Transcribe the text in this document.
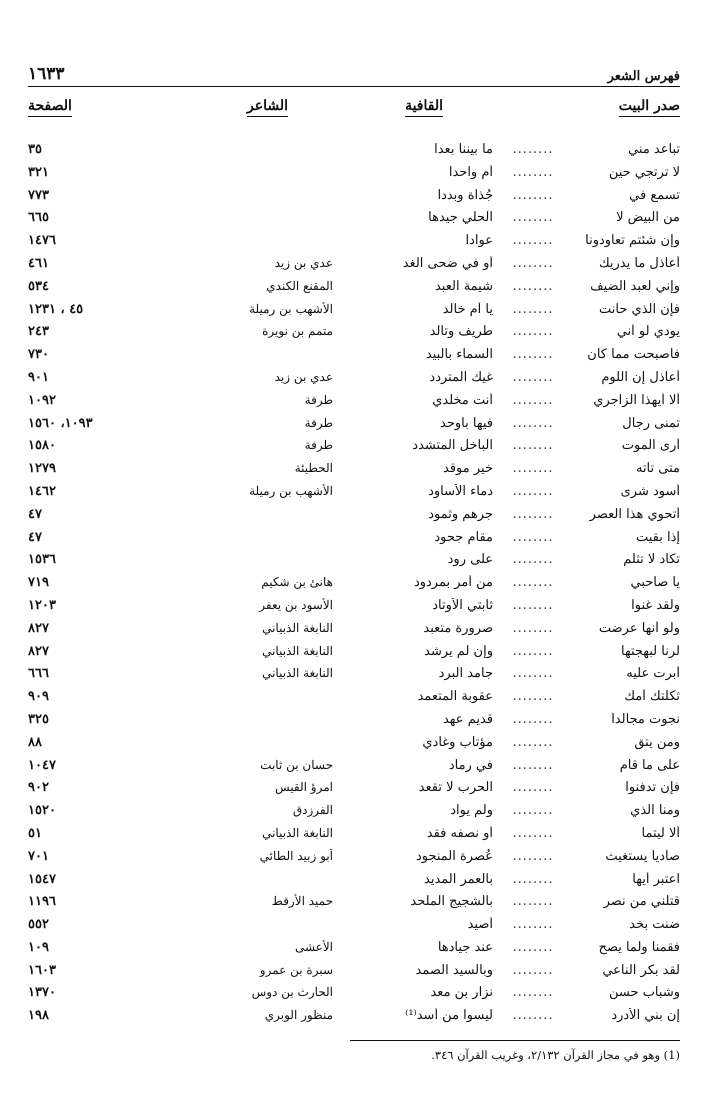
فهرس الشعر
١٦٣٣
صدر البيت
القافية
الشاعر
الصفحة
تباعد مني
........
ما بيننا بعدا
٣٥
لا ترتجي حين
........
أم واحدا
٣٢١
تسمع في
........
جُذاة وبددا
٧٧٣
من البيض لا
........
الحلي جيدها
٦٦٥
وإن شئتم تعاودونا
........
عوادا
١٤٧٦
أعاذل ما يدريك
........
أو في ضحى الغد
عدي بن زيد
٤٦١
وإني لعبد الضيف
........
شيمة العبد
المقنع الكندي
٥٣٤
فإن الذي حانت
........
يا أم خالد
الأشهب بن رميلة
٤٥ ، ١٢٣١
يودي لو أني
........
طريف وتالد
متمم بن نويرة
٢٤٣
فأصبحت مما كان
........
السماء بالبيد
٧٣٠
أعاذل إن اللوم
........
غيك المتردد
عدي بن زيد
٩٠١
ألا أيهذا الزاجري
........
أنت مخلدي
طرفة
١٠٩٢
تمنى رجال
........
فيها بأوحد
طرفة
١٠٩٣، ١٥٦٠
أرى الموت
........
الباخل المتشدد
طرفة
١٥٨٠
متى تأته
........
خير موقد
الحطيئة
١٢٧٩
أسود شرى
........
دماء الأساود
الأشهب بن رميلة
١٤٦٢
أتحوي هذا العصر
........
جرهم وثمود
٤٧
إذا بقيت
........
مقام جحود
٤٧
تكاد لا تثلم
........
على رود
١٥٣٦
يا صاحبي
........
من أمر بمردود
هانئ بن شكيم
٧١٩
ولقد غنوا
........
ثابتي الأوتاد
الأسود بن يعفر
١٢٠٣
ولو أنها عرضت
........
صرورة متعبد
النابغة الذبياني
٨٢٧
لرنا لبهجتها
........
وإن لم يرشد
النابغة الذبياني
٨٢٧
أبرت عليه
........
جامد البرد
النابغة الذبياني
٦٦٦
ثكلتك أمك
........
عقوبة المتعمد
٩٠٩
نجوت مجالداً
........
قديم عهد
٣٢٥
ومن يتق
........
مؤتاب وغادي
٨٨
على ما قام
........
في رماد
حسان بن ثابت
١٠٤٧
فإن تدفنوا
........
الحرب لا تقعد
امرؤ القيس
٩٠٢
ومنا الذي
........
ولم يواد
الفرزدق
١٥٢٠
ألا ليتما
........
أو نصفه فقد
النابغة الذبياني
٥١
صادياً يستغيث
........
عُصرة المنجود
أبو زبيد الطائي
٧٠١
اعتبر أيها
........
بالعمر المديد
١٥٤٧
قتلني من نصر
........
بالشجيج الملحد
حميد الأرقط
١١٩٦
ضنت بخد
........
أصيد
٥٥٢
فقمنا ولما يصح
........
عند جيادها
الأعشى
١٠٩
لقد بكر الناعي
........
وبالسيد الصمد
سبرة بن عمرو
١٦٠٣
وشباب حسن
........
نزار بن معد
الحارث بن دوس
١٣٧٠
إن بني الأدرد
........
ليسوا من أسد⁽¹⁾
منظور الوبري
١٩٨
(1) وهو في مجاز القرآن ٢/١٣٢، وغريب القرآن ٣٤٦.
